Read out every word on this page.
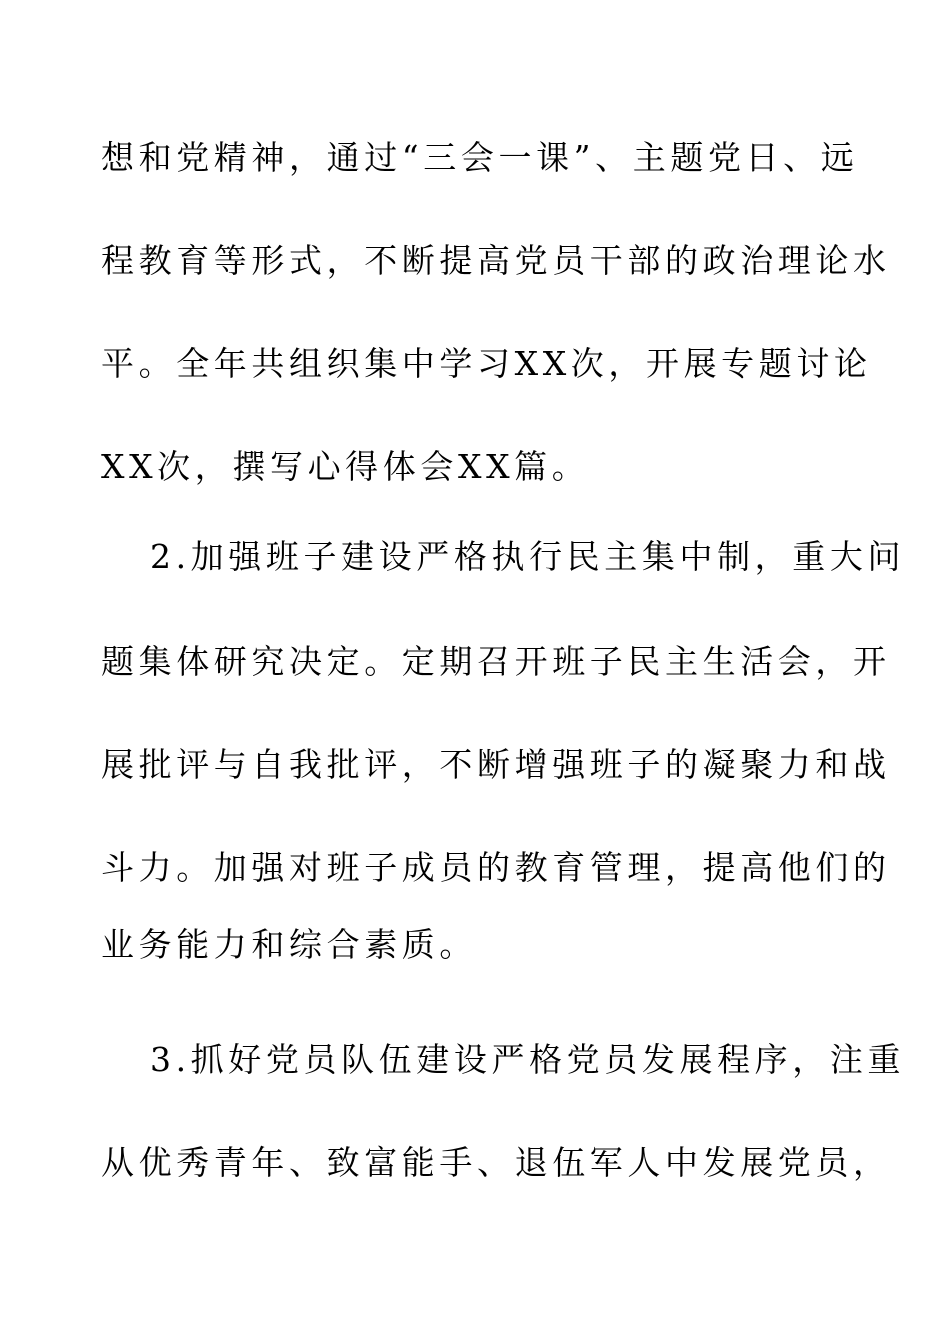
想和党精神，通过“三会一课”、主题党日、远
程教育等形式，不断提高党员干部的政治理论水
平。全年共组织集中学习XX次，开展专题讨论
XX次，撰写心得体会XX篇。
2.加强班子建设严格执行民主集中制，重大问
题集体研究决定。定期召开班子民主生活会，开
展批评与自我批评，不断增强班子的凝聚力和战
斗力。加强对班子成员的教育管理，提高他们的
业务能力和综合素质。
3.抓好党员队伍建设严格党员发展程序，注重
从优秀青年、致富能手、退伍军人中发展党员，
